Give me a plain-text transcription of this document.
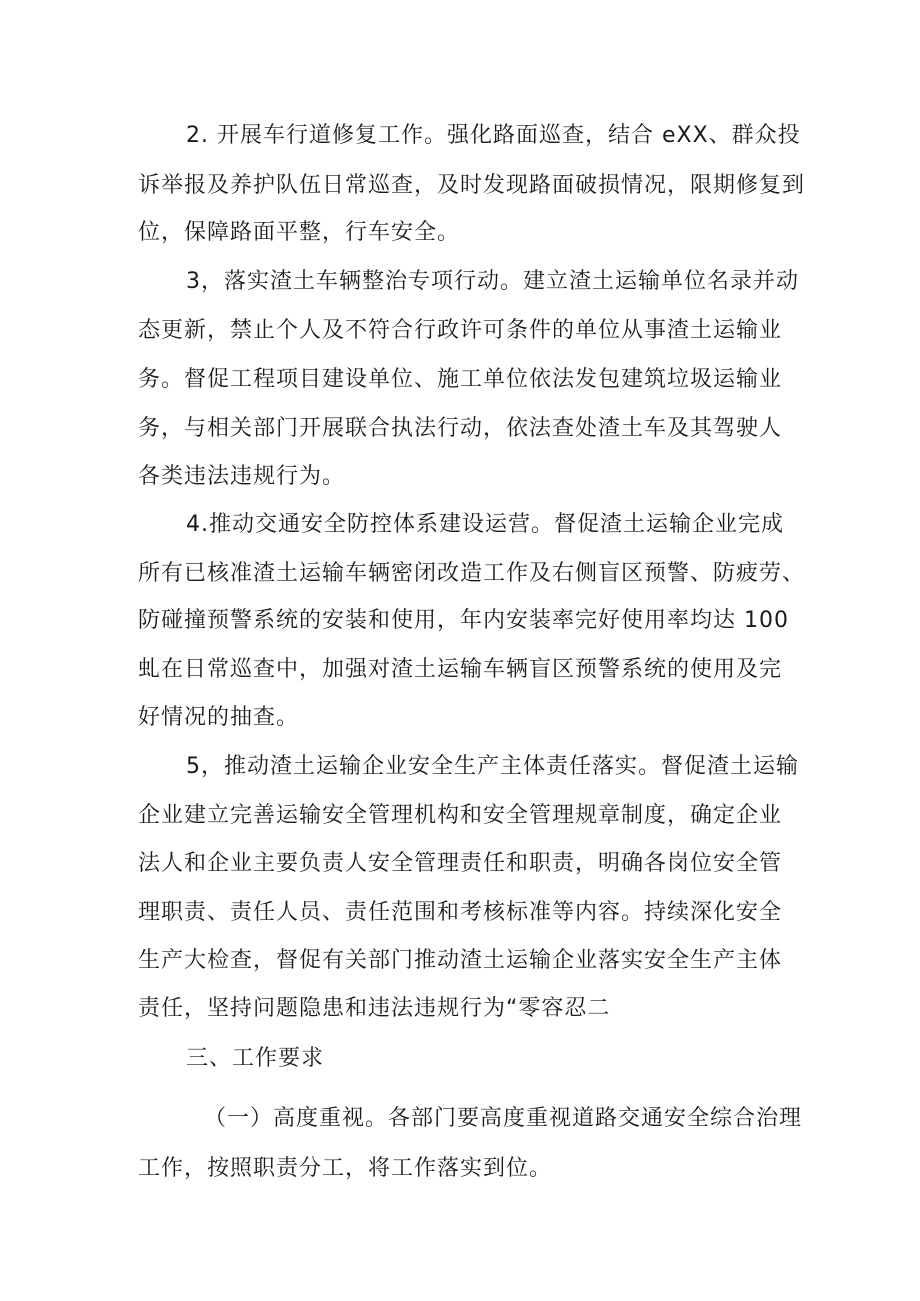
2. 开展车行道修复工作。强化路面巡查，结合 eXX、群众投
诉举报及养护队伍日常巡查，及时发现路面破损情况，限期修复到
位，保障路面平整，行车安全。
3，落实渣土车辆整治专项行动。建立渣土运输单位名录并动
态更新，禁止个人及不符合行政许可条件的单位从事渣土运输业
务。督促工程项目建设单位、施工单位依法发包建筑垃圾运输业
务，与相关部门开展联合执法行动，依法查处渣土车及其驾驶人
各类违法违规行为。
4.推动交通安全防控体系建设运营。督促渣土运输企业完成
所有已核准渣土运输车辆密闭改造工作及右侧盲区预警、防疲劳、
防碰撞预警系统的安装和使用，年内安装率完好使用率均达 100
虬在日常巡查中，加强对渣土运输车辆盲区预警系统的使用及完
好情况的抽查。
5，推动渣土运输企业安全生产主体责任落实。督促渣土运输
企业建立完善运输安全管理机构和安全管理规章制度，确定企业
法人和企业主要负责人安全管理责任和职责，明确各岗位安全管
理职责、责任人员、责任范围和考核标准等内容。持续深化安全
生产大检查，督促有关部门推动渣土运输企业落实安全生产主体
责任，坚持问题隐患和违法违规行为“零容忍二
三、工作要求
（一）高度重视。各部门要高度重视道路交通安全综合治理
工作，按照职责分工，将工作落实到位。
